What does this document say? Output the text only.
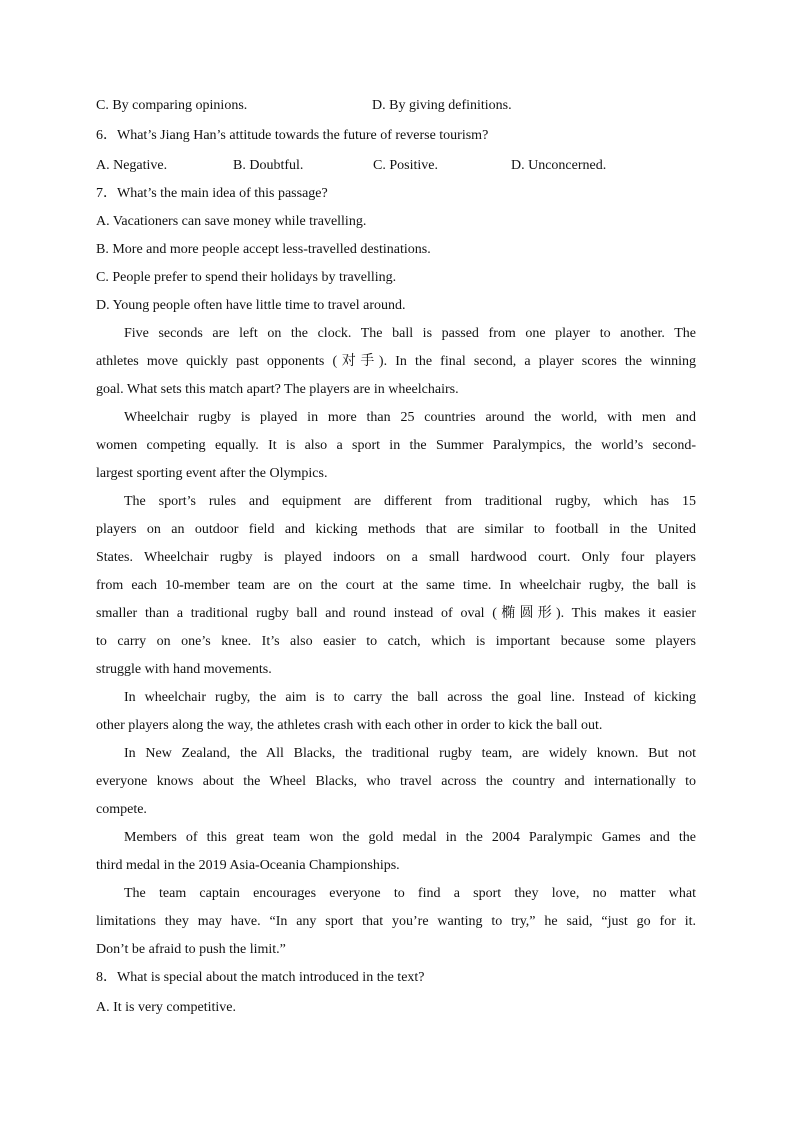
C. By comparing opinions.	D. By giving definitions.
6．What’s Jiang Han’s attitude towards the future of reverse tourism?
A. Negative.	B. Doubtful.	C. Positive.	D. Unconcerned.
7．What’s the main idea of this passage?
A. Vacationers can save money while travelling.
B. More and more people accept less-travelled destinations.
C. People prefer to spend their holidays by travelling.
D. Young people often have little time to travel around.
Five seconds are left on the clock. The ball is passed from one player to another. The
athletes move quickly past opponents (对手). In the final second, a player scores the winning
goal. What sets this match apart? The players are in wheelchairs.
Wheelchair rugby is played in more than 25 countries around the world, with men and
women competing equally. It is also a sport in the Summer Paralympics, the world’s second-
largest sporting event after the Olympics.
The sport’s rules and equipment are different from traditional rugby, which has 15
players on an outdoor field and kicking methods that are similar to football in the United
States. Wheelchair rugby is played indoors on a small hardwood court. Only four players
from each 10-member team are on the court at the same time. In wheelchair rugby, the ball is
smaller than a traditional rugby ball and round instead of oval (椭圆形). This makes it easier
to carry on one’s knee. It’s also easier to catch, which is important because some players
struggle with hand movements.
In wheelchair rugby, the aim is to carry the ball across the goal line. Instead of kicking
other players along the way, the athletes crash with each other in order to kick the ball out.
In New Zealand, the All Blacks, the traditional rugby team, are widely known. But not
everyone knows about the Wheel Blacks, who travel across the country and internationally to
compete.
Members of this great team won the gold medal in the 2004 Paralympic Games and the
third medal in the 2019 Asia-Oceania Championships.
The team captain encourages everyone to find a sport they love, no matter what
limitations they may have. “In any sport that you’re wanting to try,” he said, “just go for it.
Don’t be afraid to push the limit.”
8．What is special about the match introduced in the text?
A. It is very competitive.
